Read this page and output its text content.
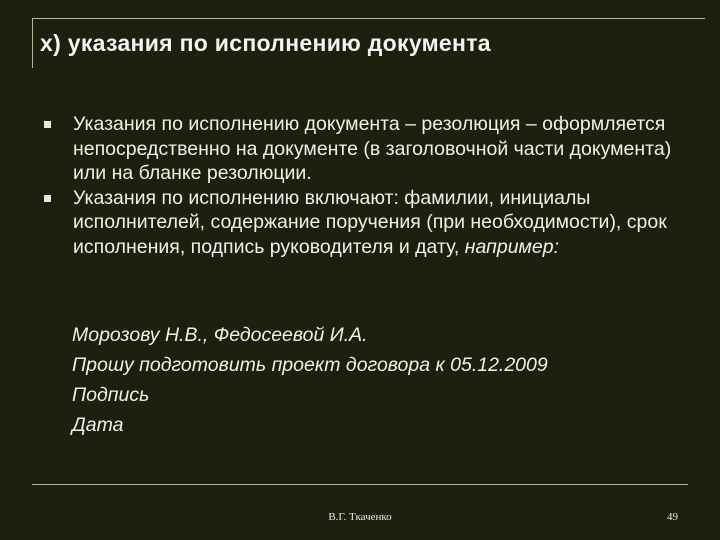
х) указания по исполнению документа
Указания по исполнению документа – резолюция – оформляется непосредственно на документе (в заголовочной части документа) или на бланке резолюции.
Указания по исполнению включают: фамилии, инициалы исполнителей, содержание поручения (при необходимости), срок исполнения, подпись руководителя и дату, например:
Морозову Н.В., Федосеевой И.А.
Прошу подготовить проект договора к 05.12.2009
Подпись
Дата
В.Г. Ткаченко	49
